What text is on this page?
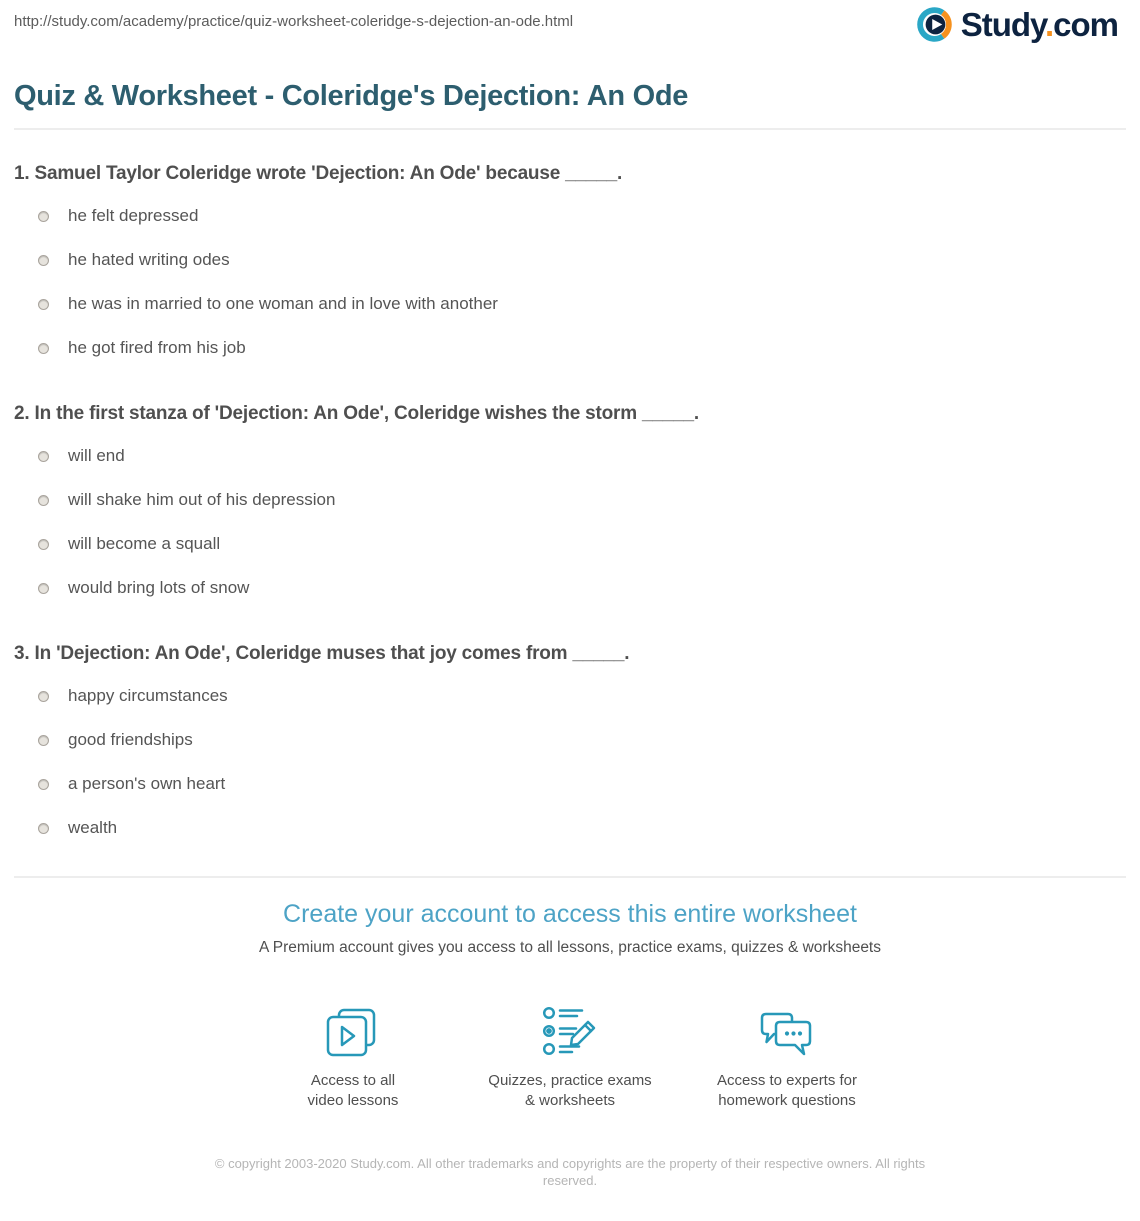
http://study.com/academy/practice/quiz-worksheet-coleridge-s-dejection-an-ode.html	Study.com
Quiz & Worksheet - Coleridge's Dejection: An Ode
1. Samuel Taylor Coleridge wrote 'Dejection: An Ode' because _____.
he felt depressed
he hated writing odes
he was in married to one woman and in love with another
he got fired from his job
2. In the first stanza of 'Dejection: An Ode', Coleridge wishes the storm _____.
will end
will shake him out of his depression
will become a squall
would bring lots of snow
3. In 'Dejection: An Ode', Coleridge muses that joy comes from _____.
happy circumstances
good friendships
a person's own heart
wealth
Create your account to access this entire worksheet
A Premium account gives you access to all lessons, practice exams, quizzes & worksheets
Access to all
video lessons
Quizzes, practice exams
& worksheets
Access to experts for
homework questions
© copyright 2003-2020 Study.com. All other trademarks and copyrights are the property of their respective owners. All rights reserved.
